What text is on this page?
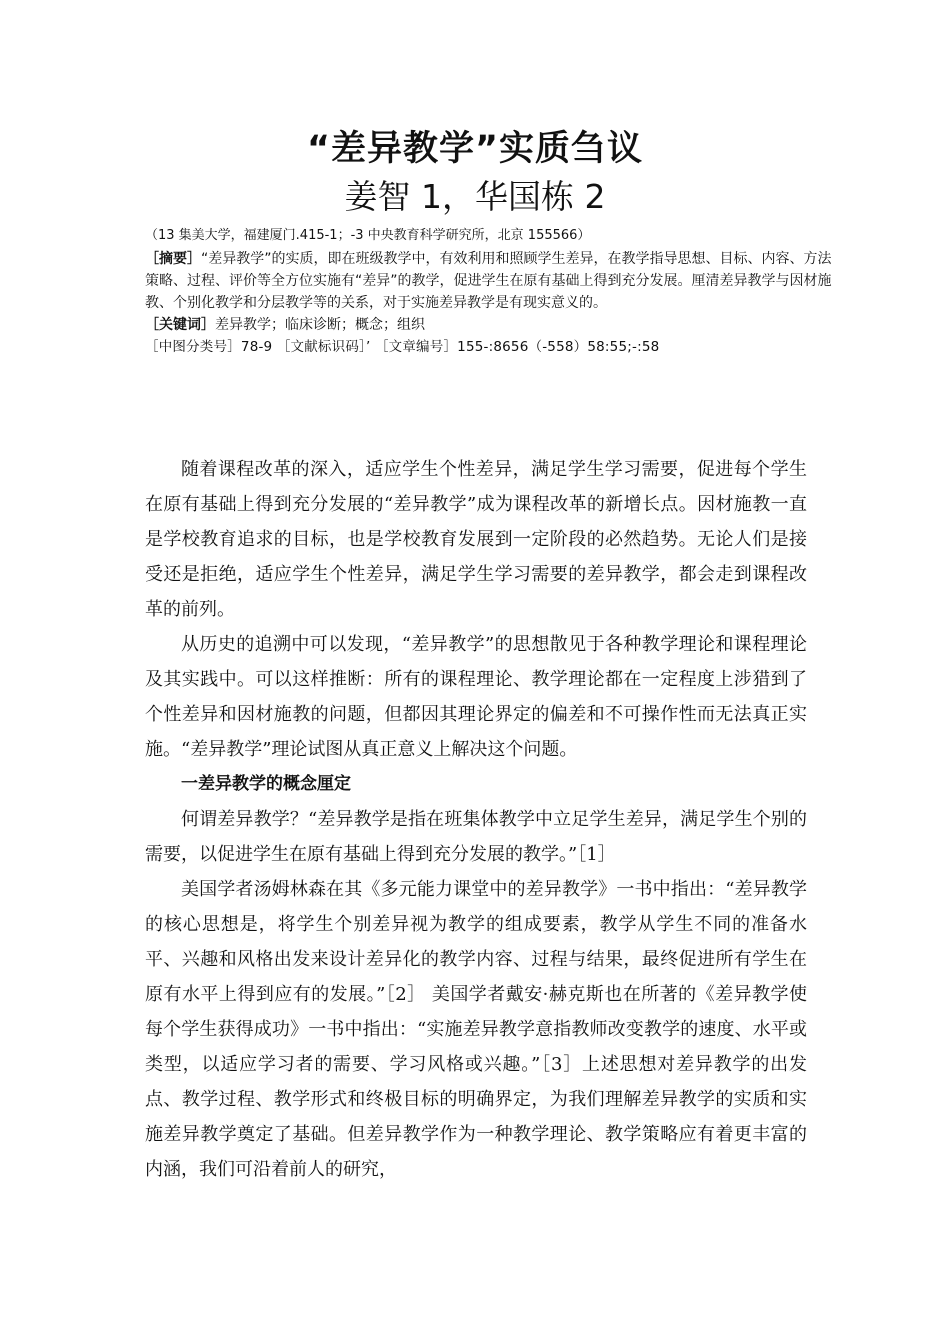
“差异教学”实质刍议
姜智 1，华国栋 2

（13 集美大学，福建厦门.415-1；-3 中央教育科学研究所，北京 155566）

［摘要］“差异教学”的实质，即在班级教学中，有效利用和照顾学生差异，在教学指导思想、目标、内容、方法

策略、过程、评价等全方位实施有“差异”的教学，促进学生在原有基础上得到充分发展。厘清差异教学与因材施

教、个别化教学和分层教学等的关系，对于实施差异教学是有现实意义的。

［关键词］差异教学；临床诊断；概念；组织

［中图分类号］78-9 ［文献标识码］’ ［文章编号］155-:8656（-558）58:55;-:58

随着课程改革的深入，适应学生个性差异，满足学生学习需要，促进每个学生在原有基础上得到充分发展的“差异教学”成为课程改革的新增长点。因材施教一直是学校教育追求的目标，也是学校教育发展到一定阶段的必然趋势。无论人们是接受还是拒绝，适应学生个性差异，满足学生学习需要的差异教学，都会走到课程改革的前列。

从历史的追溯中可以发现，“差异教学”的思想散见于各种教学理论和课程理论及其实践中。可以这样推断：所有的课程理论、教学理论都在一定程度上涉猎到了个性差异和因材施教的问题，但都因其理论界定的偏差和不可操作性而无法真正实施。“差异教学”理论试图从真正意义上解决这个问题。

一差异教学的概念厘定

何谓差异教学？“差异教学是指在班集体教学中立足学生差异，满足学生个别的需要，以促进学生在原有基础上得到充分发展的教学。”［1］

美国学者汤姆林森在其《多元能力课堂中的差异教学》一书中指出：“差异教学的核心思想是，将学生个别差异视为教学的组成要素，教学从学生不同的准备水平、兴趣和风格出发来设计差异化的教学内容、过程与结果，最终促进所有学生在原有水平上得到应有的发展。”［2］ 美国学者戴安·赫克斯也在所著的《差异教学使每个学生获得成功》一书中指出：“实施差异教学意指教师改变教学的速度、水平或类型，以适应学习者的需要、学习风格或兴趣。”［3］上述思想对差异教学的出发点、教学过程、教学形式和终极目标的明确界定，为我们理解差异教学的实质和实施差异教学奠定了基础。但差异教学作为一种教学理论、教学策略应有着更丰富的内涵，我们可沿着前人的研究，
